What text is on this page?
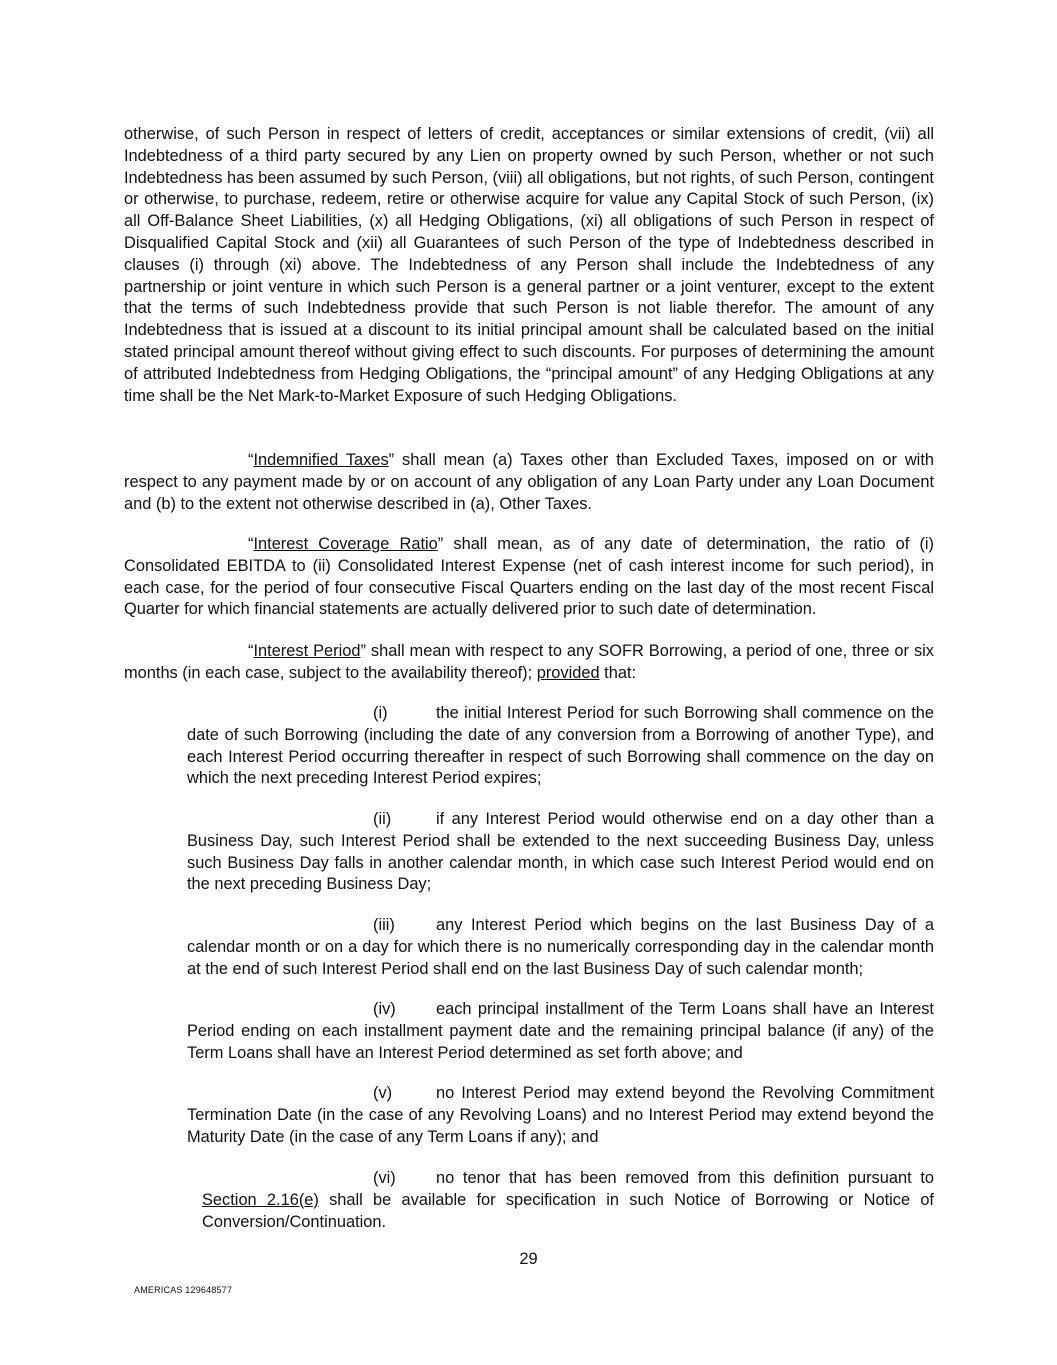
otherwise, of such Person in respect of letters of credit, acceptances or similar extensions of credit, (vii) all Indebtedness of a third party secured by any Lien on property owned by such Person, whether or not such Indebtedness has been assumed by such Person, (viii) all obligations, but not rights, of such Person, contingent or otherwise, to purchase, redeem, retire or otherwise acquire for value any Capital Stock of such Person, (ix) all Off-Balance Sheet Liabilities, (x) all Hedging Obligations, (xi) all obligations of such Person in respect of Disqualified Capital Stock and (xii) all Guarantees of such Person of the type of Indebtedness described in clauses (i) through (xi) above. The Indebtedness of any Person shall include the Indebtedness of any partnership or joint venture in which such Person is a general partner or a joint venturer, except to the extent that the terms of such Indebtedness provide that such Person is not liable therefor. The amount of any Indebtedness that is issued at a discount to its initial principal amount shall be calculated based on the initial stated principal amount thereof without giving effect to such discounts. For purposes of determining the amount of attributed Indebtedness from Hedging Obligations, the “principal amount” of any Hedging Obligations at any time shall be the Net Mark-to-Market Exposure of such Hedging Obligations.

“Indemnified Taxes” shall mean (a) Taxes other than Excluded Taxes, imposed on or with respect to any payment made by or on account of any obligation of any Loan Party under any Loan Document and (b) to the extent not otherwise described in (a), Other Taxes.

“Interest Coverage Ratio” shall mean, as of any date of determination, the ratio of (i) Consolidated EBITDA to (ii) Consolidated Interest Expense (net of cash interest income for such period), in each case, for the period of four consecutive Fiscal Quarters ending on the last day of the most recent Fiscal Quarter for which financial statements are actually delivered prior to such date of determination.

“Interest Period” shall mean with respect to any SOFR Borrowing, a period of one, three or six months (in each case, subject to the availability thereof); provided that:

(i)	the initial Interest Period for such Borrowing shall commence on the date of such Borrowing (including the date of any conversion from a Borrowing of another Type), and each Interest Period occurring thereafter in respect of such Borrowing shall commence on the day on which the next preceding Interest Period expires;

(ii)	if any Interest Period would otherwise end on a day other than a Business Day, such Interest Period shall be extended to the next succeeding Business Day, unless such Business Day falls in another calendar month, in which case such Interest Period would end on the next preceding Business Day;

(iii)	any Interest Period which begins on the last Business Day of a calendar month or on a day for which there is no numerically corresponding day in the calendar month at the end of such Interest Period shall end on the last Business Day of such calendar month;

(iv) each principal installment of the Term Loans shall have an Interest Period ending on each installment payment date and the remaining principal balance (if any) of the Term Loans shall have an Interest Period determined as set forth above; and

(v)	no Interest Period may extend beyond the Revolving Commitment Termination Date (in the case of any Revolving Loans) and no Interest Period may extend beyond the Maturity Date (in the case of any Term Loans if any); and

(vi) no tenor that has been removed from this definition pursuant to Section 2.16(e) shall be available for specification in such Notice of Borrowing or Notice of Conversion/Continuation.

29
AMERICAS 129648577
